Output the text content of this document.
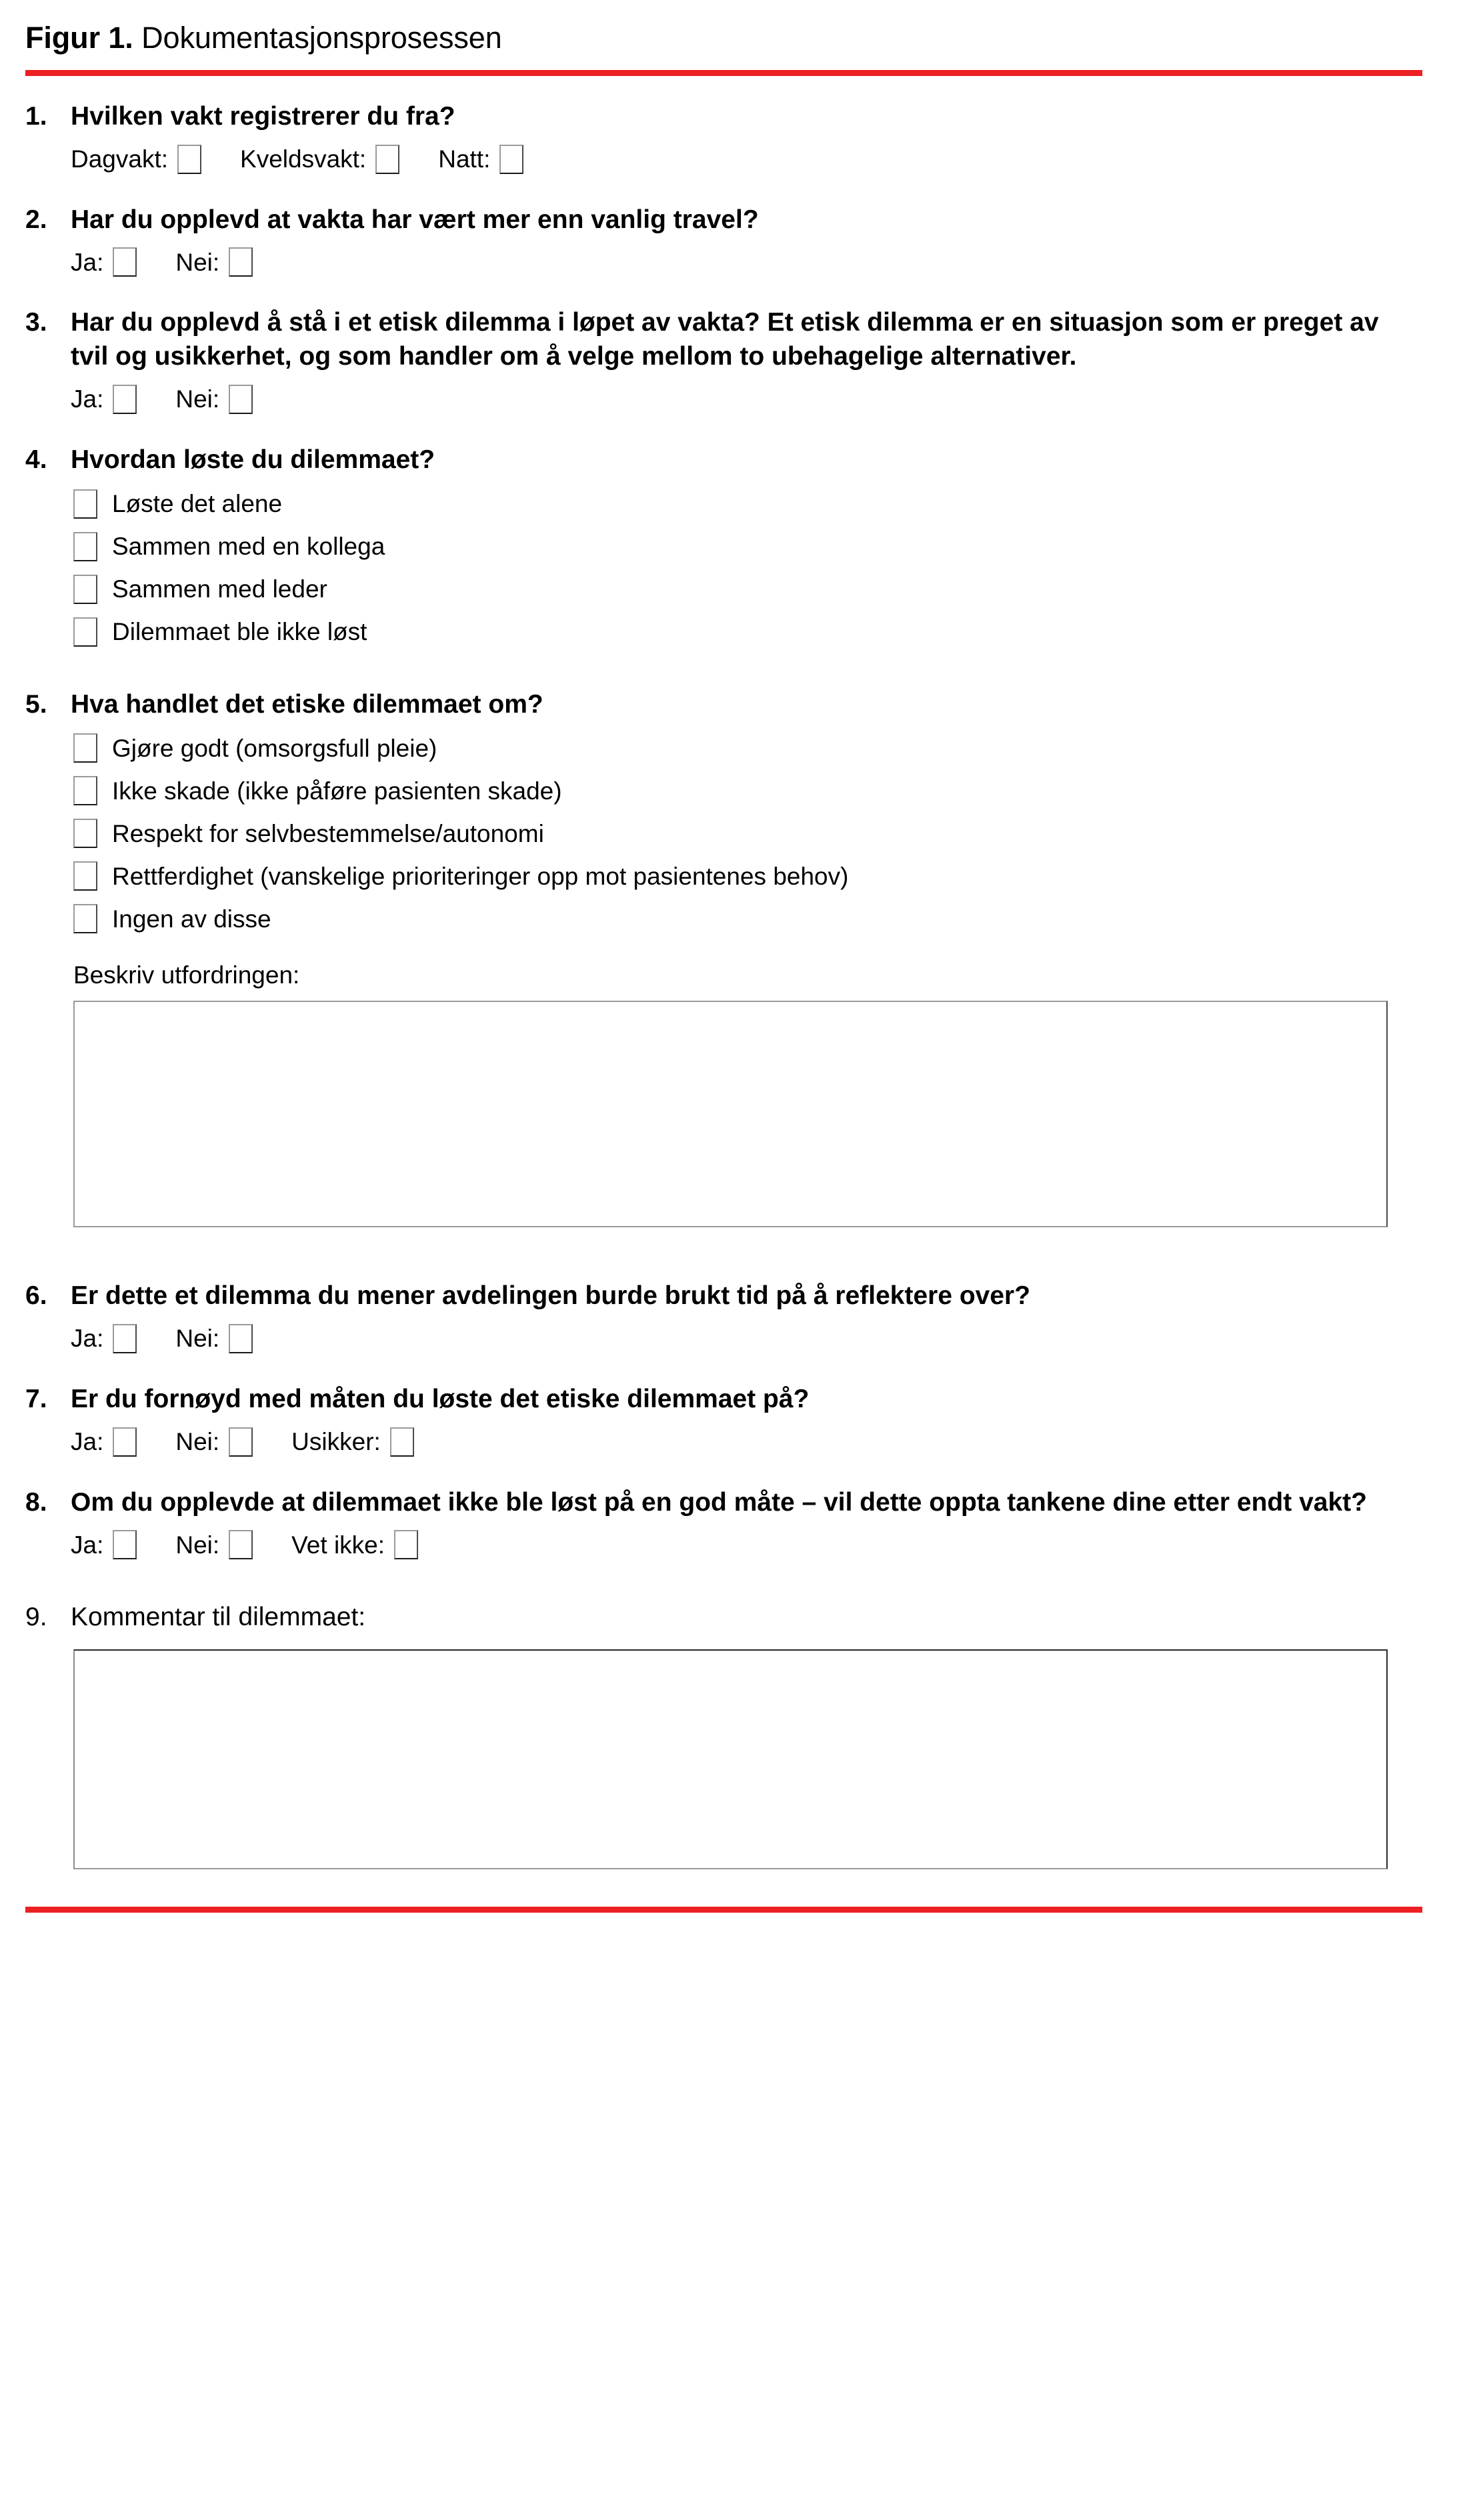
Figur 1. Dokumentasjonsprosessen
1. Hvilken vakt registrerer du fra?
Dagvakt:	Kveldsvakt:	Natt:
2. Har du opplevd at vakta har vært mer enn vanlig travel?
Ja:	Nei:
3. Har du opplevd å stå i et etisk dilemma i løpet av vakta? Et etisk dilemma er en situasjon som er preget av tvil og usikkerhet, og som handler om å velge mellom to ubehagelige alternativer.
Ja:	Nei:
4. Hvordan løste du dilemmaet?
Løste det alene
Sammen med en kollega
Sammen med leder
Dilemmaet ble ikke løst
5. Hva handlet det etiske dilemmaet om?
Gjøre godt (omsorgsfull pleie)
Ikke skade (ikke påføre pasienten skade)
Respekt for selvbestemmelse/autonomi
Rettferdighet (vanskelige prioriteringer opp mot pasientenes behov)
Ingen av disse
Beskriv utfordringen:
6. Er dette et dilemma du mener avdelingen burde brukt tid på å reflektere over?
Ja:	Nei:
7. Er du fornøyd med måten du løste det etiske dilemmaet på?
Ja:	Nei:	Usikker:
8. Om du opplevde at dilemmaet ikke ble løst på en god måte – vil dette oppta tankene dine etter endt vakt?
Ja:	Nei:	Vet ikke:
9. Kommentar til dilemmaet:
